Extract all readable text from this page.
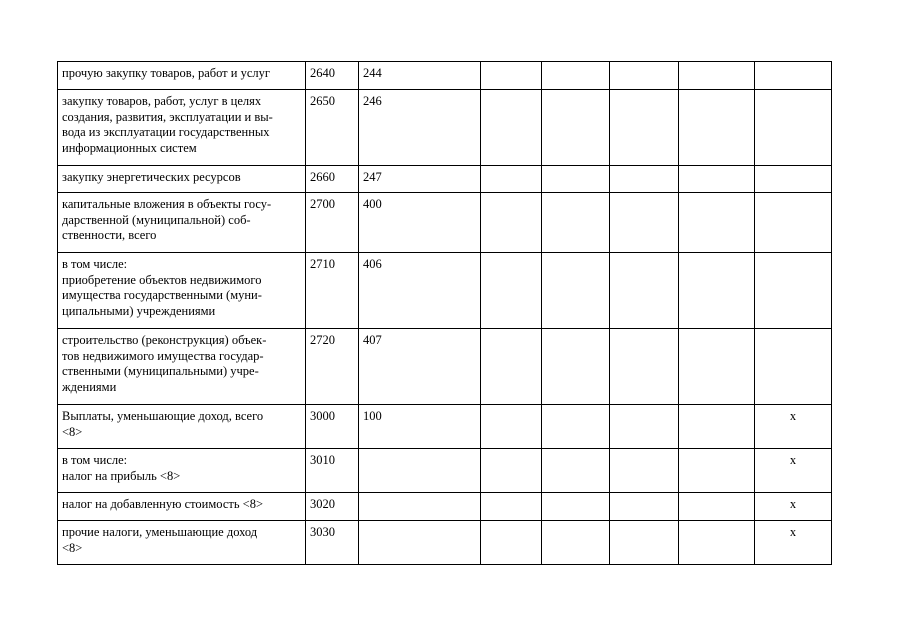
прочую закупку товаров, работ и услуг	2640	244					
закупку товаров, работ, услуг в целях
создания, развития, эксплуатации и вы-
вода из эксплуатации государственных
информационных систем	2650	246					
закупку энергетических ресурсов	2660	247					
капитальные вложения в объекты госу-
дарственной (муниципальной) соб-
ственности, всего	2700	400					
в том числе:
приобретение объектов недвижимого
имущества государственными (муни-
ципальными) учреждениями	2710	406					
строительство (реконструкция) объек-
тов недвижимого имущества государ-
ственными (муниципальными) учре-
ждениями	2720	407					
Выплаты, уменьшающие доход, всего
<8>	3000	100					x
в том числе:
налог на прибыль <8>	3010						x
налог на добавленную стоимость <8>	3020						x
прочие налоги, уменьшающие доход
<8>	3030						x
